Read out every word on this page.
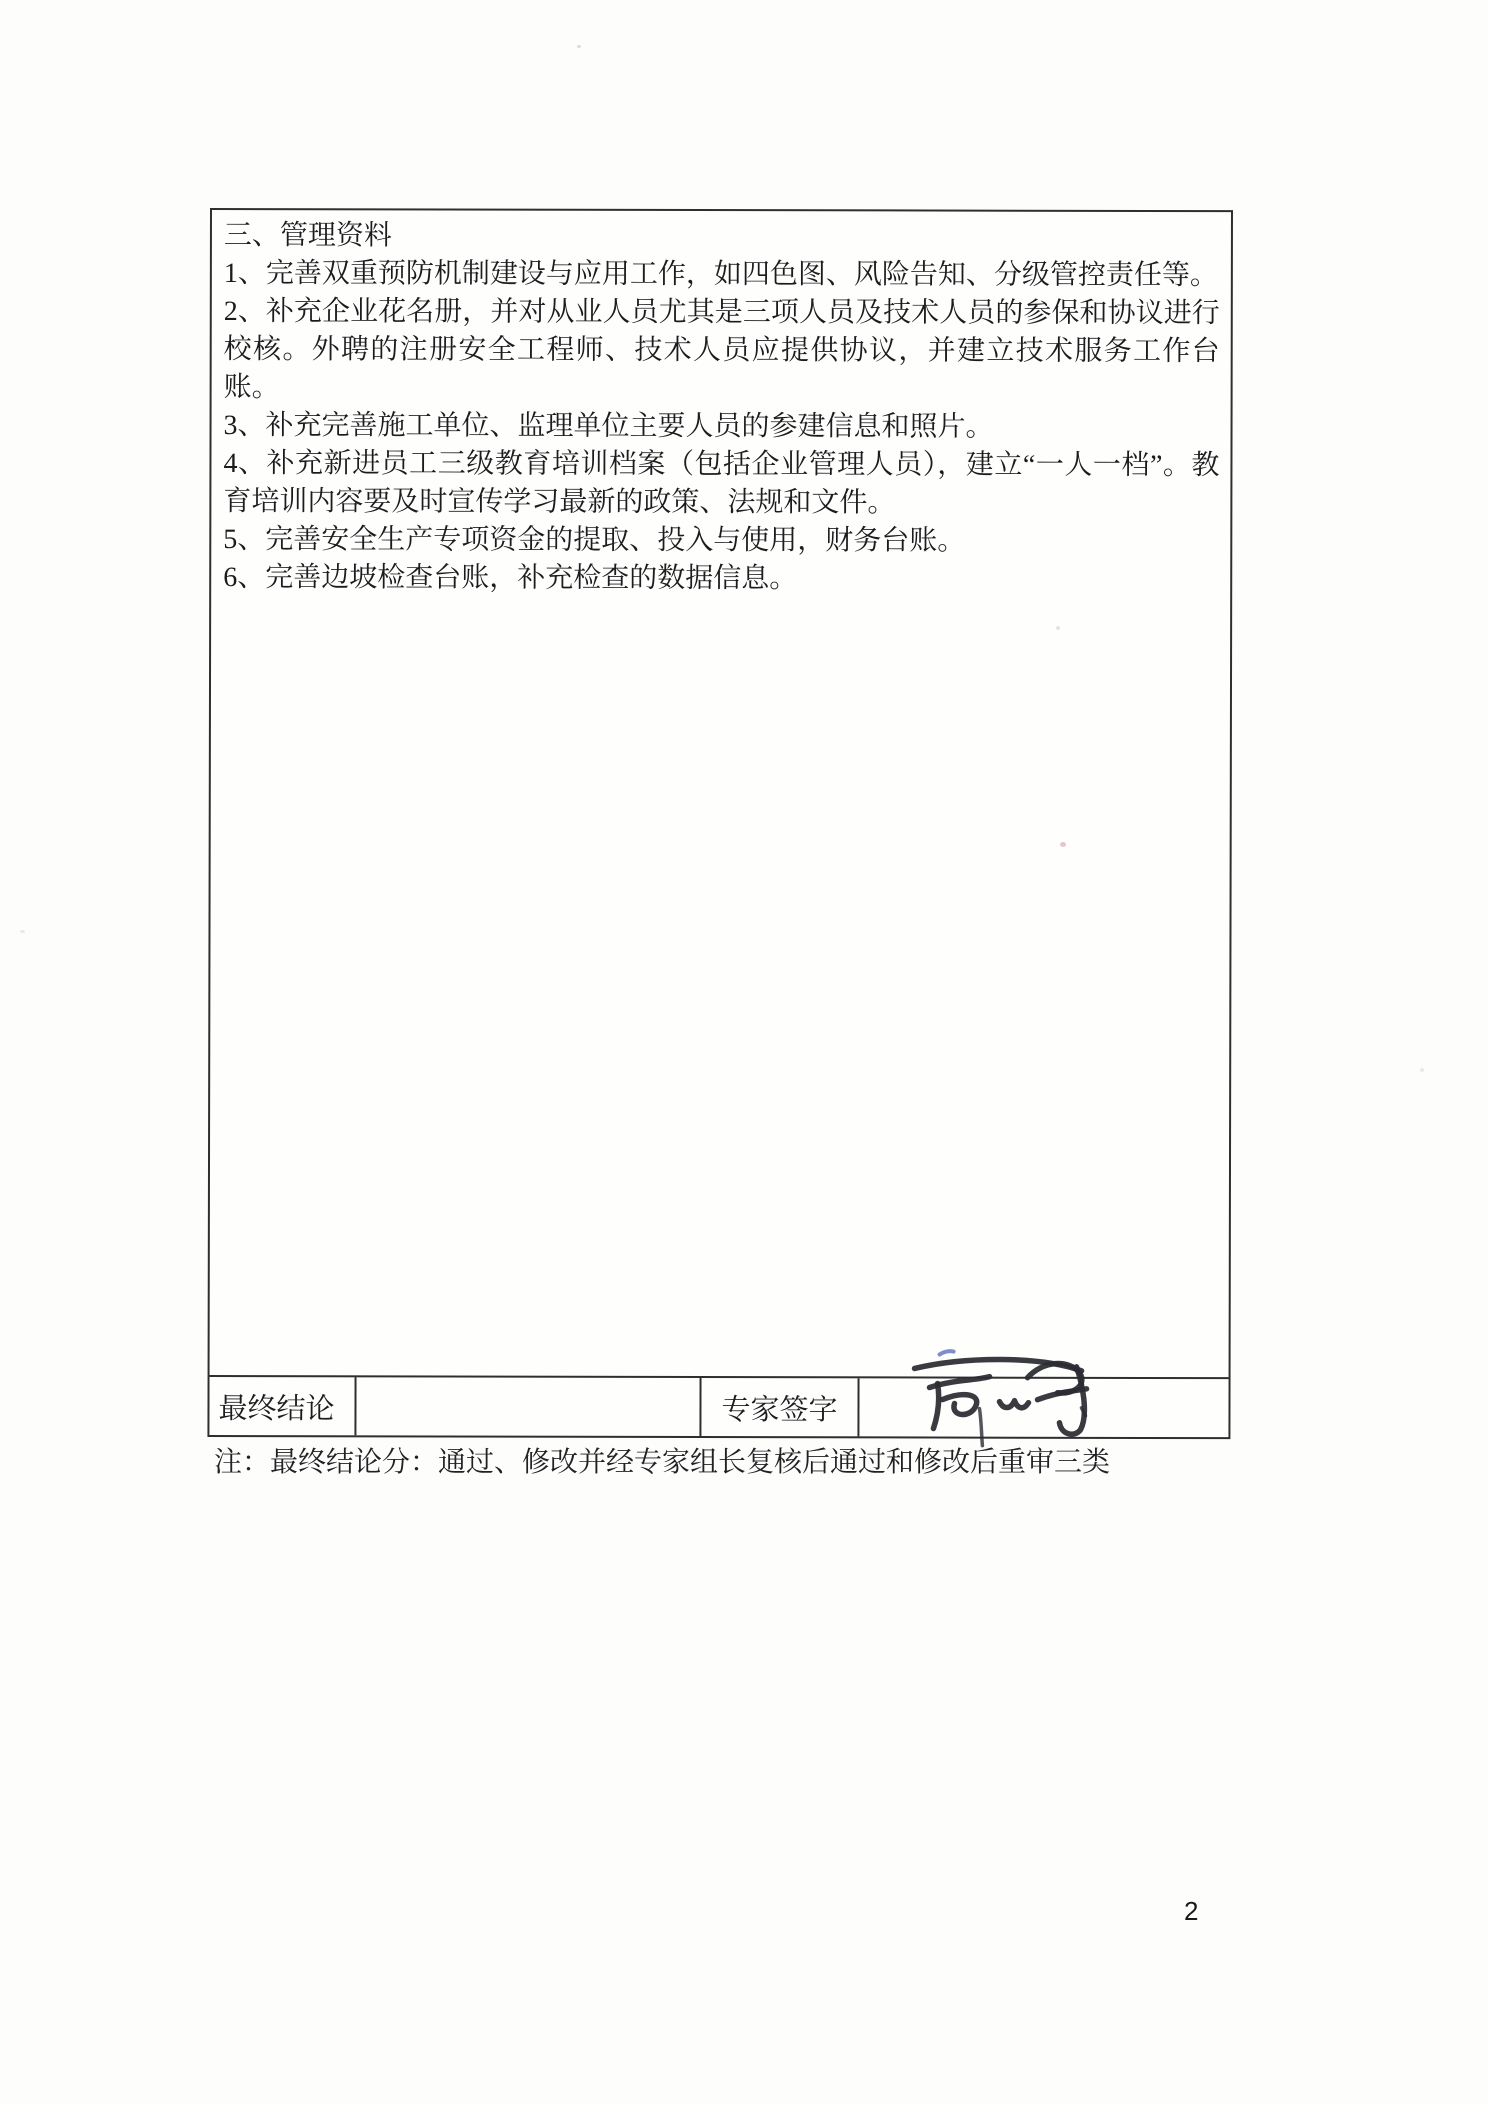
三、管理资料

1、完善双重预防机制建设与应用工作，如四色图、风险告知、分级管控责任等。

2、补充企业花名册，并对从业人员尤其是三项人员及技术人员的参保和协议进行校核。外聘的注册安全工程师、技术人员应提供协议，并建立技术服务工作台账。

3、补充完善施工单位、监理单位主要人员的参建信息和照片。

4、补充新进员工三级教育培训档案（包括企业管理人员），建立“一人一档”。教育培训内容要及时宣传学习最新的政策、法规和文件。

5、完善安全生产专项资金的提取、投入与使用，财务台账。

6、完善边坡检查台账，补充检查的数据信息。

最终结论	专家签字

注：最终结论分：通过、修改并经专家组长复核后通过和修改后重审三类

2
